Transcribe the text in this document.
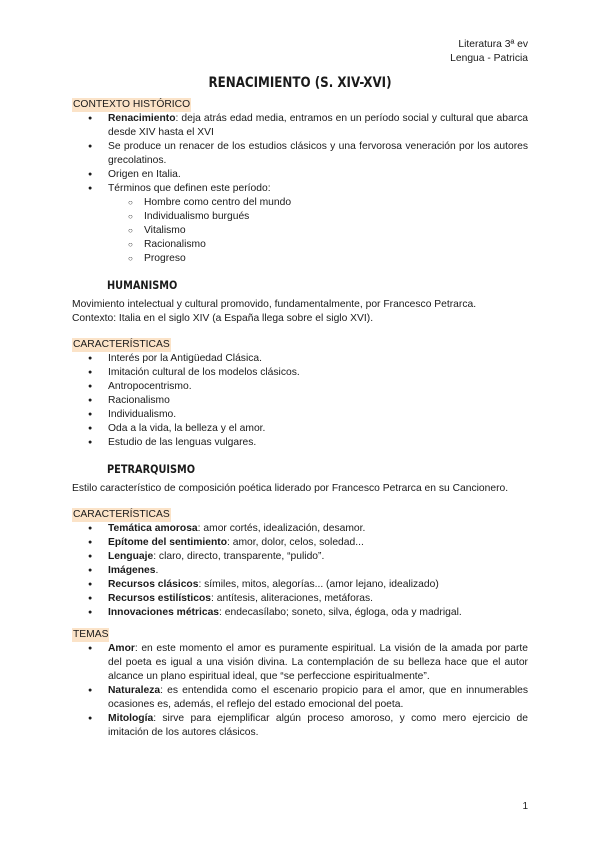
Literatura 3ª ev
Lengua - Patricia
RENACIMIENTO (S. XIV-XVI)
CONTEXTO HISTÓRICO
● Renacimiento: deja atrás edad media, entramos en un período social y cultural que abarca desde XIV hasta el XVI
● Se produce un renacer de los estudios clásicos y una fervorosa veneración por los autores grecolatinos.
● Origen en Italia.
● Términos que definen este período:
○ Hombre como centro del mundo
○ Individualismo burgués
○ Vitalismo
○ Racionalismo
○ Progreso
HUMANISMO

Movimiento intelectual y cultural promovido, fundamentalmente, por Francesco Petrarca.

Contexto: Italia en el siglo XIV (a España llega sobre el siglo XVI).

CARACTERÍSTICAS
● Interés por la Antigüedad Clásica.
● Imitación cultural de los modelos clásicos.
● Antropocentrismo.
● Racionalismo
● Individualismo.
● Oda a la vida, la belleza y el amor.
● Estudio de las lenguas vulgares.
PETRARQUISMO

Estilo característico de composición poética liderado por Francesco Petrarca en su Cancionero.

CARACTERÍSTICAS
● Temática amorosa: amor cortés, idealización, desamor.
● Epítome del sentimiento: amor, dolor, celos, soledad...
● Lenguaje: claro, directo, transparente, “pulido”.
● Imágenes.
● Recursos clásicos: símiles, mitos, alegorías... (amor lejano, idealizado)
● Recursos estilísticos: antítesis, aliteraciones, metáforas.
● Innovaciones métricas: endecasílabo; soneto, silva, égloga, oda y madrigal.
TEMAS
● Amor: en este momento el amor es puramente espiritual. La visión de la amada por parte del poeta es igual a una visión divina. La contemplación de su belleza hace que el autor alcance un plano espiritual ideal, que “se perfeccione espiritualmente”.
● Naturaleza: es entendida como el escenario propicio para el amor, que en innumerables ocasiones es, además, el reflejo del estado emocional del poeta.
● Mitología: sirve para ejemplificar algún proceso amoroso, y como mero ejercicio de imitación de los autores clásicos.
1
